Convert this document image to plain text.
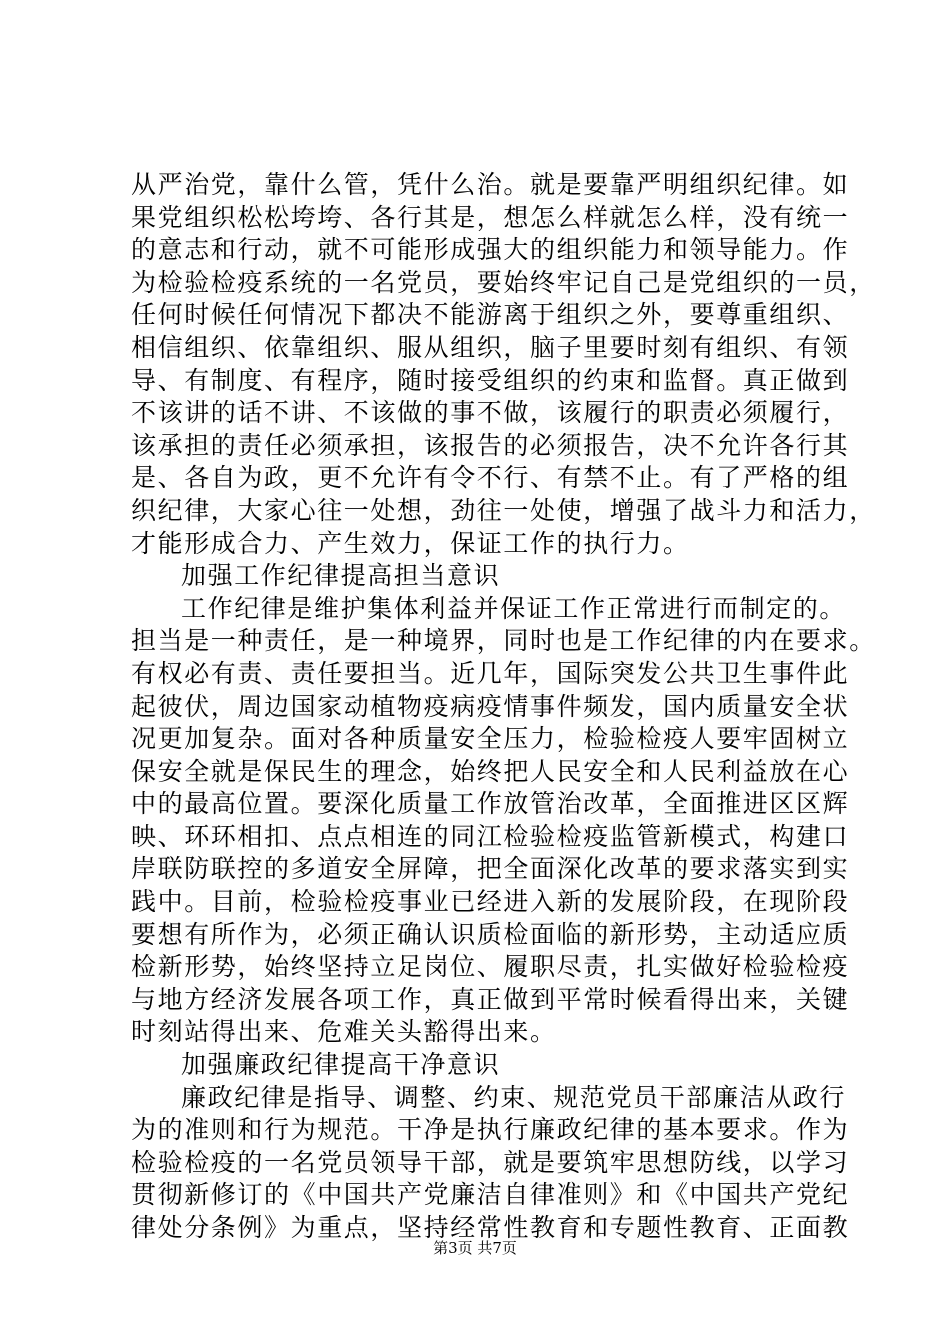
从严治党，靠什么管，凭什么治。就是要靠严明组织纪律。如
果党组织松松垮垮、各行其是，想怎么样就怎么样，没有统一
的意志和行动，就不可能形成强大的组织能力和领导能力。作
为检验检疫系统的一名党员，要始终牢记自己是党组织的一员，
任何时候任何情况下都决不能游离于组织之外，要尊重组织、
相信组织、依靠组织、服从组织，脑子里要时刻有组织、有领
导、有制度、有程序，随时接受组织的约束和监督。真正做到
不该讲的话不讲、不该做的事不做，该履行的职责必须履行，
该承担的责任必须承担，该报告的必须报告，决不允许各行其
是、各自为政，更不允许有令不行、有禁不止。有了严格的组
织纪律，大家心往一处想，劲往一处使，增强了战斗力和活力，
才能形成合力、产生效力，保证工作的执行力。
加强工作纪律提高担当意识
工作纪律是维护集体利益并保证工作正常进行而制定的。
担当是一种责任，是一种境界，同时也是工作纪律的内在要求。
有权必有责、责任要担当。近几年，国际突发公共卫生事件此
起彼伏，周边国家动植物疫病疫情事件频发，国内质量安全状
况更加复杂。面对各种质量安全压力，检验检疫人要牢固树立
保安全就是保民生的理念，始终把人民安全和人民利益放在心
中的最高位置。要深化质量工作放管治改革，全面推进区区辉
映、环环相扣、点点相连的同江检验检疫监管新模式，构建口
岸联防联控的多道安全屏障，把全面深化改革的要求落实到实
践中。目前，检验检疫事业已经进入新的发展阶段，在现阶段
要想有所作为，必须正确认识质检面临的新形势，主动适应质
检新形势，始终坚持立足岗位、履职尽责，扎实做好检验检疫
与地方经济发展各项工作，真正做到平常时候看得出来，关键
时刻站得出来、危难关头豁得出来。
加强廉政纪律提高干净意识
廉政纪律是指导、调整、约束、规范党员干部廉洁从政行
为的准则和行为规范。干净是执行廉政纪律的基本要求。作为
检验检疫的一名党员领导干部，就是要筑牢思想防线，以学习
贯彻新修订的《中国共产党廉洁自律准则》和《中国共产党纪
律处分条例》为重点，坚持经常性教育和专题性教育、正面教
第3页 共7页
